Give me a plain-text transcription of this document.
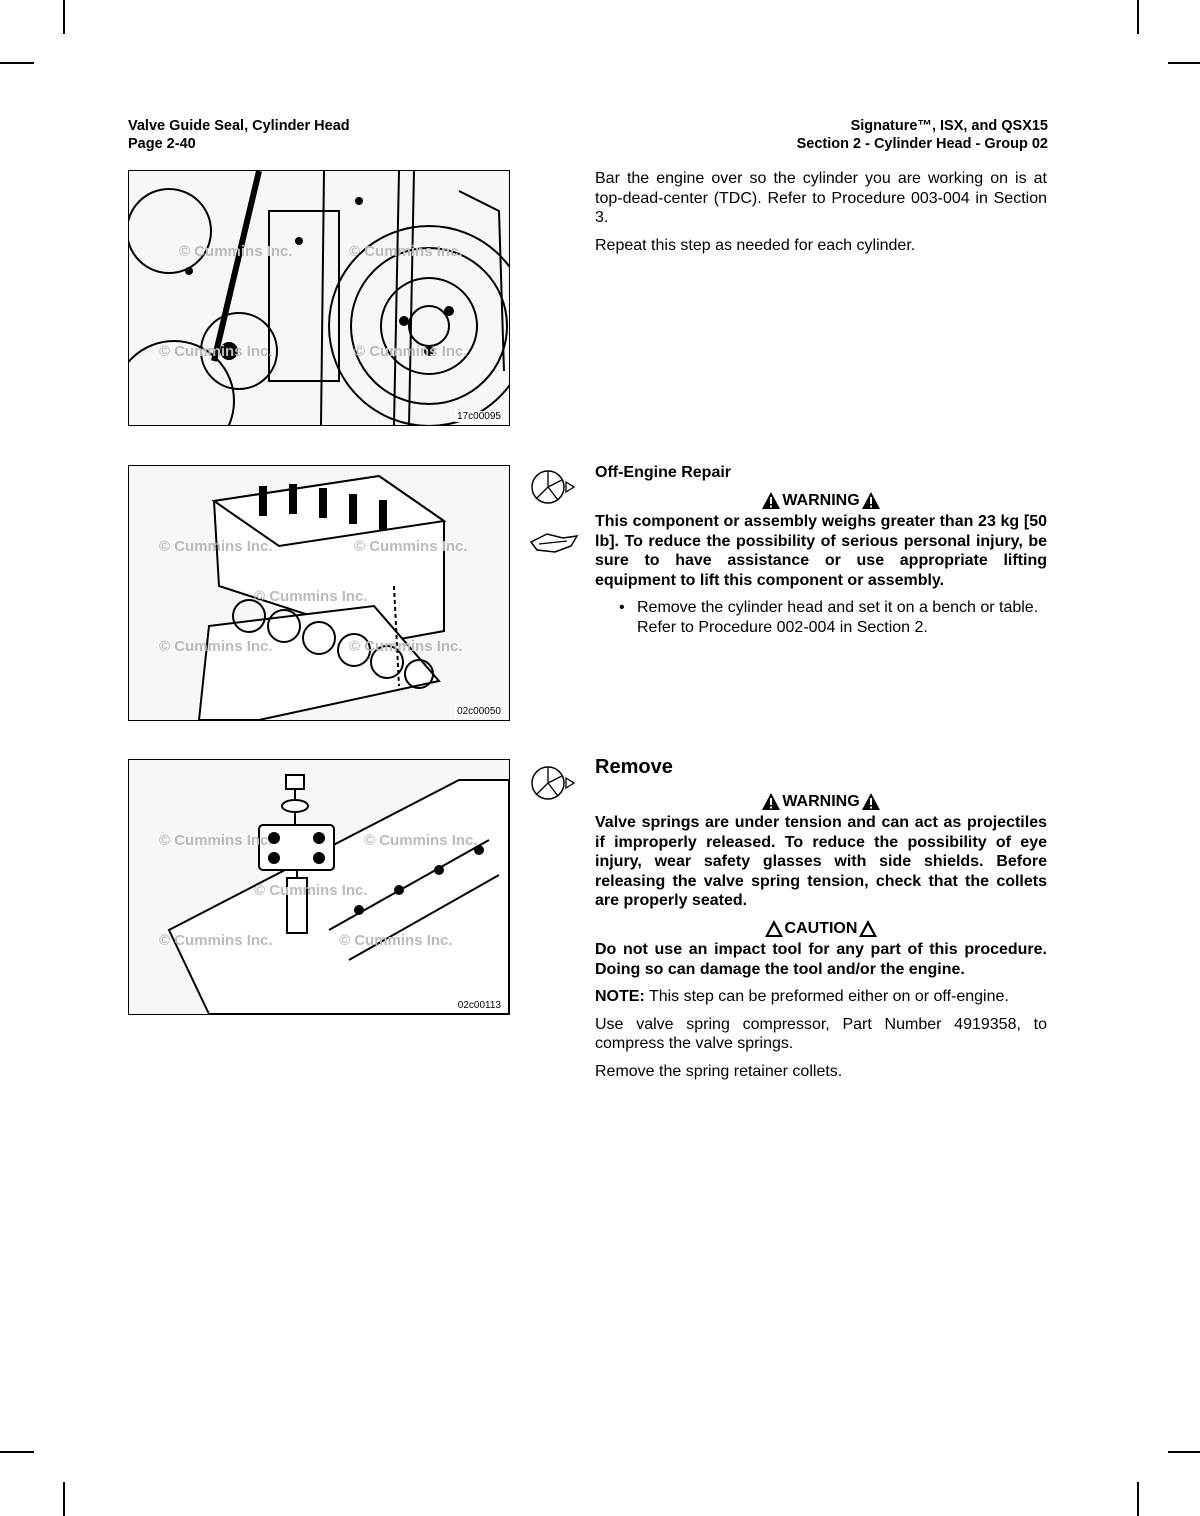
Valve Guide Seal, Cylinder Head
Page 2-40
Signature™, ISX, and QSX15
Section 2 - Cylinder Head - Group 02
© Cummins Inc.	© Cummins Inc.
© Cummins Inc.	© Cummins Inc.
17c00095
© Cummins Inc.	© Cummins Inc.
© Cummins Inc.
© Cummins Inc.	© Cummins Inc.
02c00050
© Cummins Inc.	© Cummins Inc.
© Cummins Inc.
© Cummins Inc.	© Cummins Inc.
02c00113

Bar the engine over so the cylinder you are working on is at top-dead-center (TDC). Refer to Procedure 003-004 in Section 3.

Repeat this step as needed for each cylinder.

Off-Engine Repair
WARNING

This component or assembly weighs greater than 23 kg [50 lb]. To reduce the possibility of serious personal injury, be sure to have assistance or use appropriate lifting equipment to lift this component or assembly.

• Remove the cylinder head and set it on a bench or table. Refer to Procedure 002-004 in Section 2.
Remove
WARNING

Valve springs are under tension and can act as projectiles if improperly released. To reduce the possibility of eye injury, wear safety glasses with side shields. Before releasing the valve spring tension, check that the collets are properly seated.

CAUTION

Do not use an impact tool for any part of this procedure. Doing so can damage the tool and/or the engine.

NOTE: This step can be preformed either on or off-engine.

Use valve spring compressor, Part Number 4919358, to compress the valve springs.

Remove the spring retainer collets.
